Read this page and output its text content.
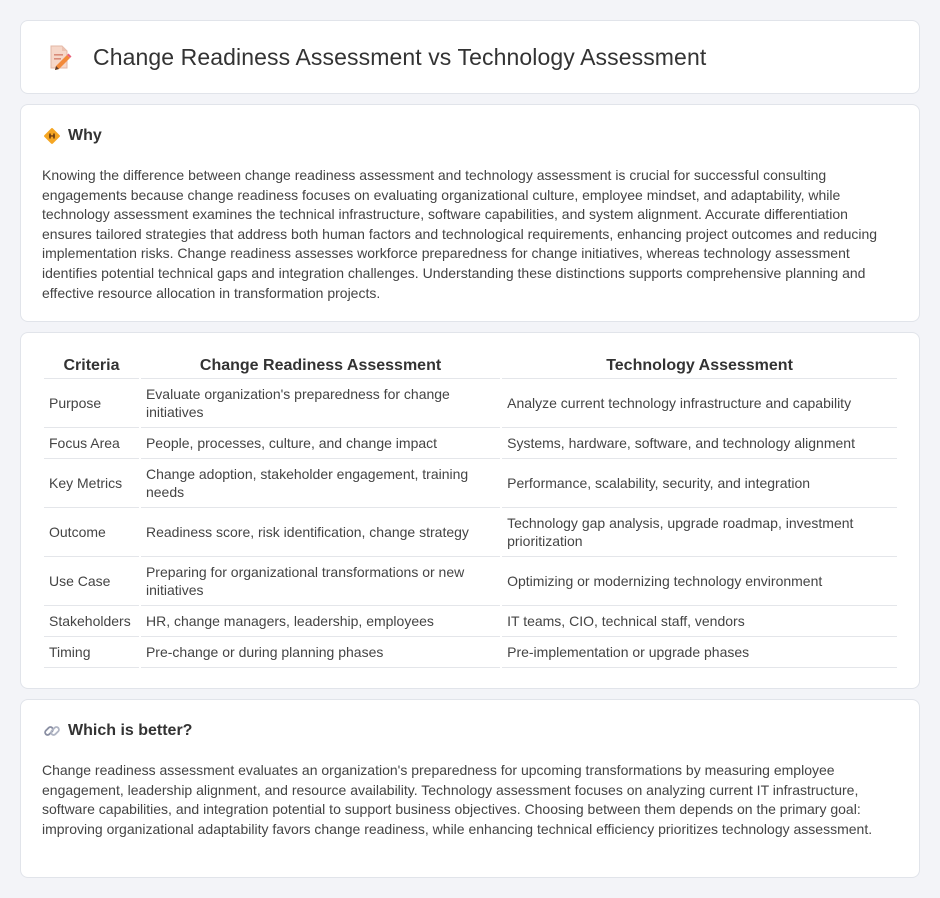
Change Readiness Assessment vs Technology Assessment
Why

Knowing the difference between change readiness assessment and technology assessment is crucial for successful consulting engagements because change readiness focuses on evaluating organizational culture, employee mindset, and adaptability, while technology assessment examines the technical infrastructure, software capabilities, and system alignment. Accurate differentiation ensures tailored strategies that address both human factors and technological requirements, enhancing project outcomes and reducing implementation risks. Change readiness assesses workforce preparedness for change initiatives, whereas technology assessment identifies potential technical gaps and integration challenges. Understanding these distinctions supports comprehensive planning and effective resource allocation in transformation projects.

Criteria	Change Readiness Assessment	Technology Assessment
Purpose	Evaluate organization's preparedness for change initiatives	Analyze current technology infrastructure and capability
Focus Area	People, processes, culture, and change impact	Systems, hardware, software, and technology alignment
Key Metrics	Change adoption, stakeholder engagement, training needs	Performance, scalability, security, and integration
Outcome	Readiness score, risk identification, change strategy	Technology gap analysis, upgrade roadmap, investment prioritization
Use Case	Preparing for organizational transformations or new initiatives	Optimizing or modernizing technology environment
Stakeholders	HR, change managers, leadership, employees	IT teams, CIO, technical staff, vendors
Timing	Pre-change or during planning phases	Pre-implementation or upgrade phases
Which is better?

Change readiness assessment evaluates an organization's preparedness for upcoming transformations by measuring employee engagement, leadership alignment, and resource availability. Technology assessment focuses on analyzing current IT infrastructure, software capabilities, and integration potential to support business objectives. Choosing between them depends on the primary goal: improving organizational adaptability favors change readiness, while enhancing technical efficiency prioritizes technology assessment.
